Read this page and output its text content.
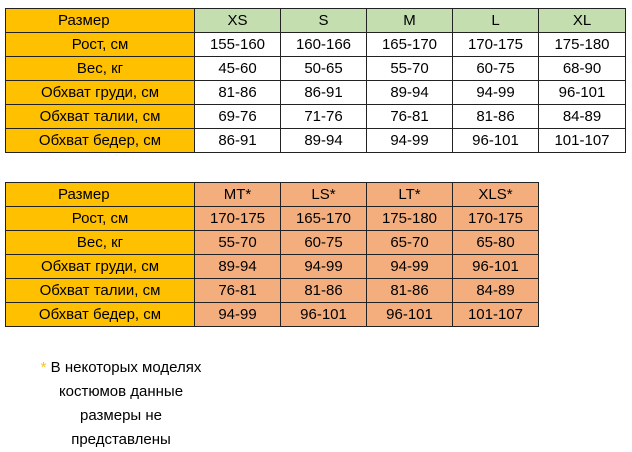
Размер	XS	S	M	L	XL
Рост, см	155-160	160-166	165-170	170-175	175-180
Вес, кг	45-60	50-65	55-70	60-75	68-90
Обхват груди, см	81-86	86-91	89-94	94-99	96-101
Обхват талии, см	69-76	71-76	76-81	81-86	84-89
Обхват бедер, см	86-91	89-94	94-99	96-101	101-107
Размер	MT*	LS*	LT*	XLS*
Рост, см	170-175	165-170	175-180	170-175
Вес, кг	55-70	60-75	65-70	65-80
Обхват груди, см	89-94	94-99	94-99	96-101
Обхват талии, см	76-81	81-86	81-86	84-89
Обхват бедер, см	94-99	96-101	96-101	101-107
* В некоторых моделях костюмов данные размеры не представлены
